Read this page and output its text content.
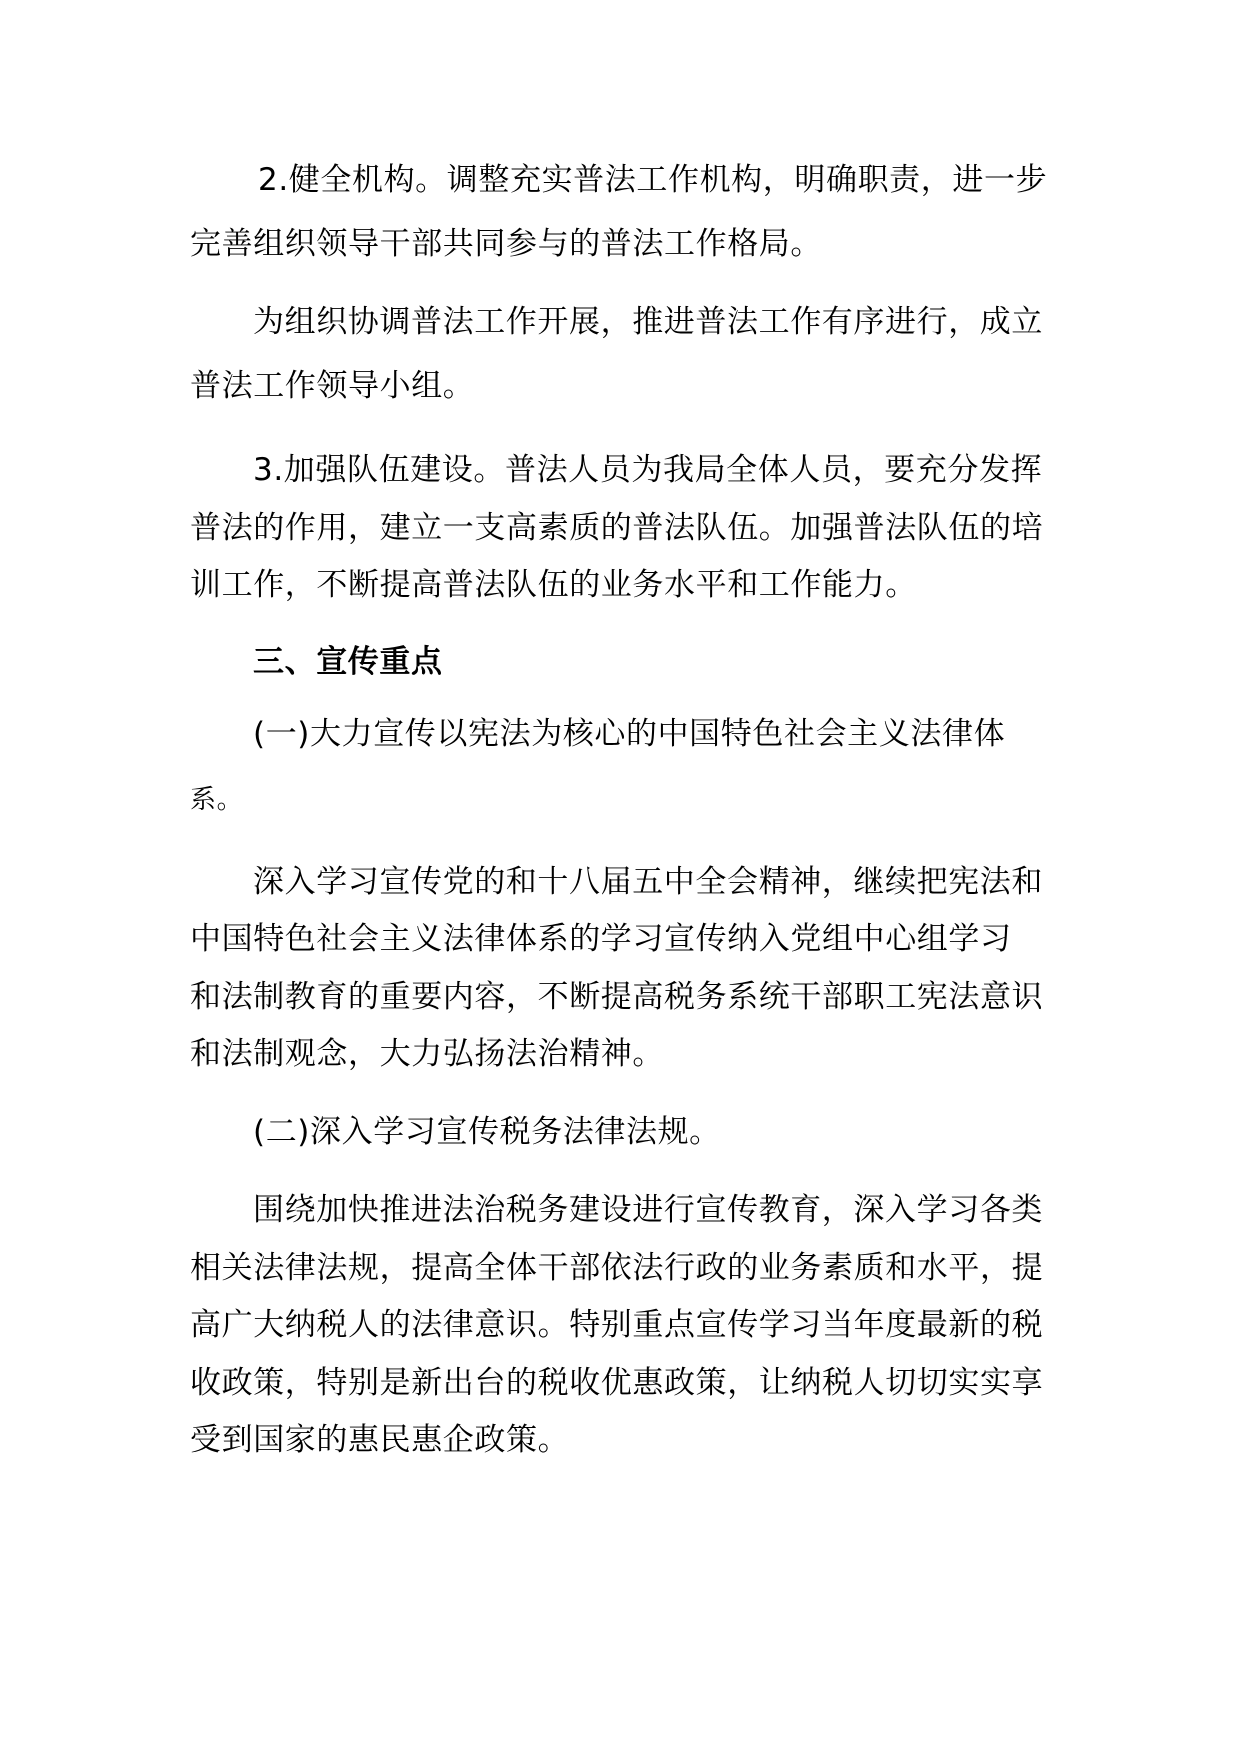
2.健全机构。调整充实普法工作机构，明确职责，进一步

完善组织领导干部共同参与的普法工作格局。

为组织协调普法工作开展，推进普法工作有序进行，成立

普法工作领导小组。

3.加强队伍建设。普法人员为我局全体人员，要充分发挥

普法的作用，建立一支高素质的普法队伍。加强普法队伍的培

训工作，不断提高普法队伍的业务水平和工作能力。

三、宣传重点

(一)大力宣传以宪法为核心的中国特色社会主义法律体

系。

深入学习宣传党的和十八届五中全会精神，继续把宪法和

中国特色社会主义法律体系的学习宣传纳入党组中心组学习

和法制教育的重要内容，不断提高税务系统干部职工宪法意识

和法制观念，大力弘扬法治精神。

(二)深入学习宣传税务法律法规。

围绕加快推进法治税务建设进行宣传教育，深入学习各类

相关法律法规，提高全体干部依法行政的业务素质和水平，提

高广大纳税人的法律意识。特别重点宣传学习当年度最新的税

收政策，特别是新出台的税收优惠政策，让纳税人切切实实享

受到国家的惠民惠企政策。
